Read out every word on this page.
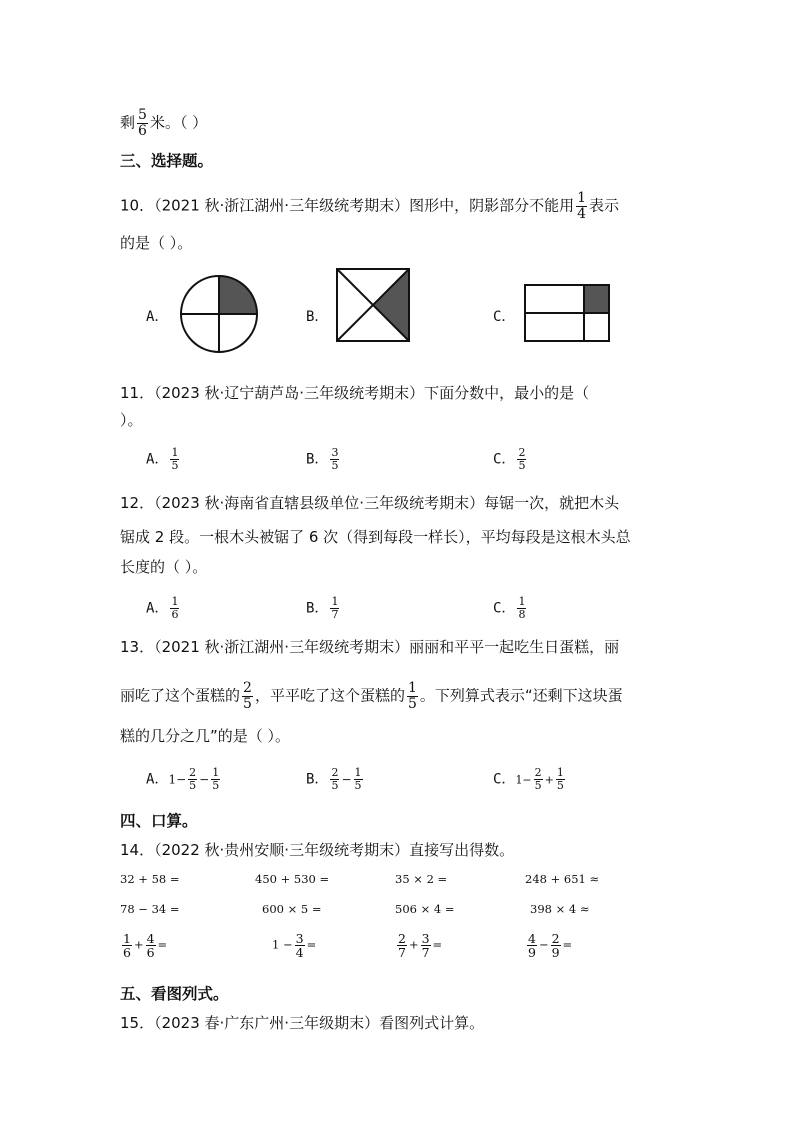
剩 $\frac{5}{6}$ 米。（ ）
三、选择题。
10．（2021 秋·浙江湖州·三年级统考期末）图形中，阴影部分不能用 $\frac{1}{4}$ 表示
的是（ ）。
A．	B．	C．
11．（2023 秋·辽宁葫芦岛·三年级统考期末）下面分数中，最小的是（
）。
A． $\frac{1}{5}$	B． $\frac{3}{5}$	C． $\frac{2}{5}$
12．（2023 秋·海南省直辖县级单位·三年级统考期末）每锯一次，就把木头
锯成 2 段。一根木头被锯了 6 次（得到每段一样长），平均每段是这根木头总
长度的（ ）。
A． $\frac{1}{6}$	B． $\frac{1}{7}$	C． $\frac{1}{8}$
13．（2021 秋·浙江湖州·三年级统考期末）丽丽和平平一起吃生日蛋糕，丽
丽吃了这个蛋糕的 $\frac{2}{5}$ ，平平吃了这个蛋糕的 $\frac{1}{5}$ 。下列算式表示“还剩下这块蛋
糕的几分之几”的是（ ）。
A．$1- \frac{2}{5} - \frac{1}{5}$	B． $\frac{2}{5} - \frac{1}{5}$	C．$1- \frac{2}{5} + \frac{1}{5}$
四、口算。
14．（2022 秋·贵州安顺·三年级统考期末）直接写出得数。
32 + 58 =	450 + 530 =	35 × 2 =	248 + 651 ≈
78 − 34 =	600 × 5 =	506 × 4 =	398 × 4 ≈
$\frac{1}{6} + \frac{4}{6}$ =	$1 - \frac{3}{4}$ =	$\frac{2}{7} + \frac{3}{7}$ =	$\frac{4}{9} - \frac{2}{9}$ =
五、看图列式。
15．（2023 春·广东广州·三年级期末）看图列式计算。
